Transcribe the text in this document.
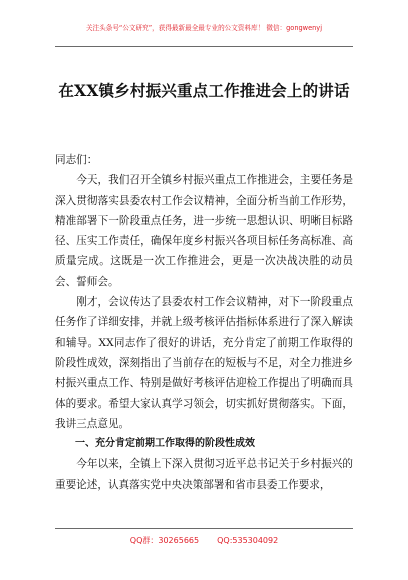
关注头条号“公文研究”，获得最新最全最专业的公文资料库！ 微信：gongwenyj
在XX镇乡村振兴重点工作推进会上的讲话

同志们：

今天，我们召开全镇乡村振兴重点工作推进会，主要任务是深入贯彻落实县委农村工作会议精神，全面分析当前工作形势，精准部署下一阶段重点任务，进一步统一思想认识、明晰目标路径、压实工作责任，确保年度乡村振兴各项目标任务高标准、高质量完成。这既是一次工作推进会，更是一次决战决胜的动员会、誓师会。

刚才，会议传达了县委农村工作会议精神，对下一阶段重点任务作了详细安排，并就上级考核评估指标体系进行了深入解读和辅导。XX同志作了很好的讲话，充分肯定了前期工作取得的阶段性成效，深刻指出了当前存在的短板与不足，对全力推进乡村振兴重点工作、特别是做好考核评估迎检工作提出了明确而具体的要求。希望大家认真学习领会，切实抓好贯彻落实。下面，我讲三点意见。

一、充分肯定前期工作取得的阶段性成效

今年以来，全镇上下深入贯彻习近平总书记关于乡村振兴的重要论述，认真落实党中央决策部署和省市县委工作要求，

QQ群：30265665 QQ:535304092
